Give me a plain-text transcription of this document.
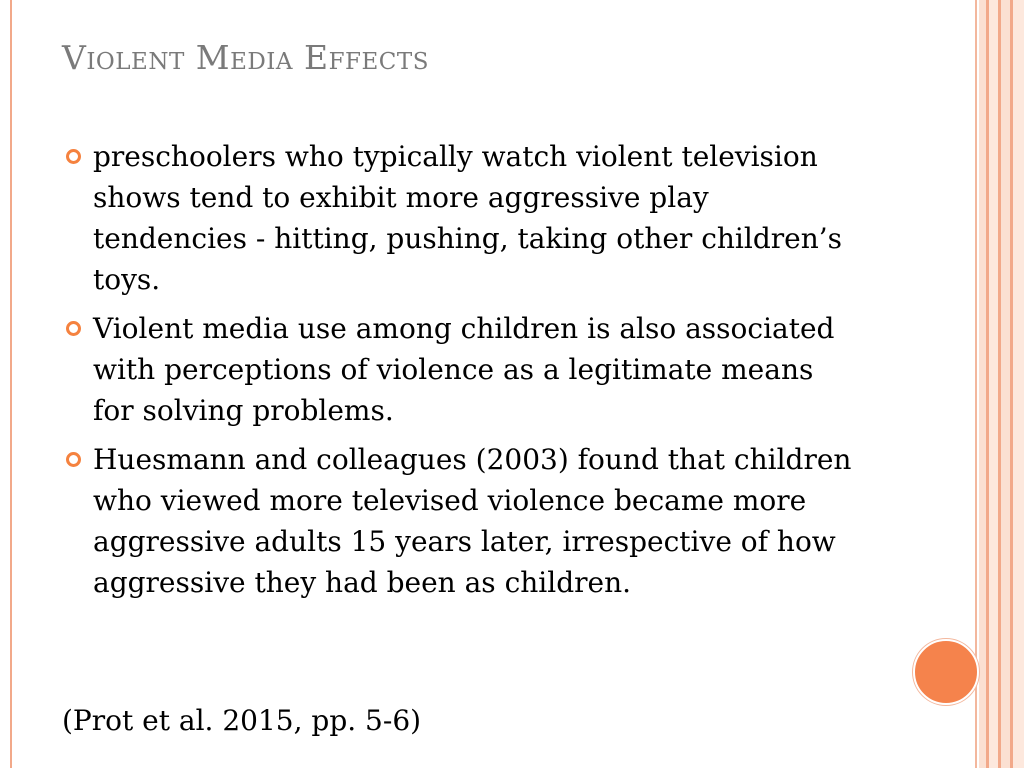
Violent Media Effects
preschoolers who typically watch violent television shows tend to exhibit more aggressive play tendencies - hitting, pushing, taking other children’s toys.
Violent media use among children is also associated with perceptions of violence as a legitimate means for solving problems.
Huesmann and colleagues (2003) found that children who viewed more televised violence became more aggressive adults 15 years later, irrespective of how aggressive they had been as children.

(Prot et al. 2015, pp. 5-6)
